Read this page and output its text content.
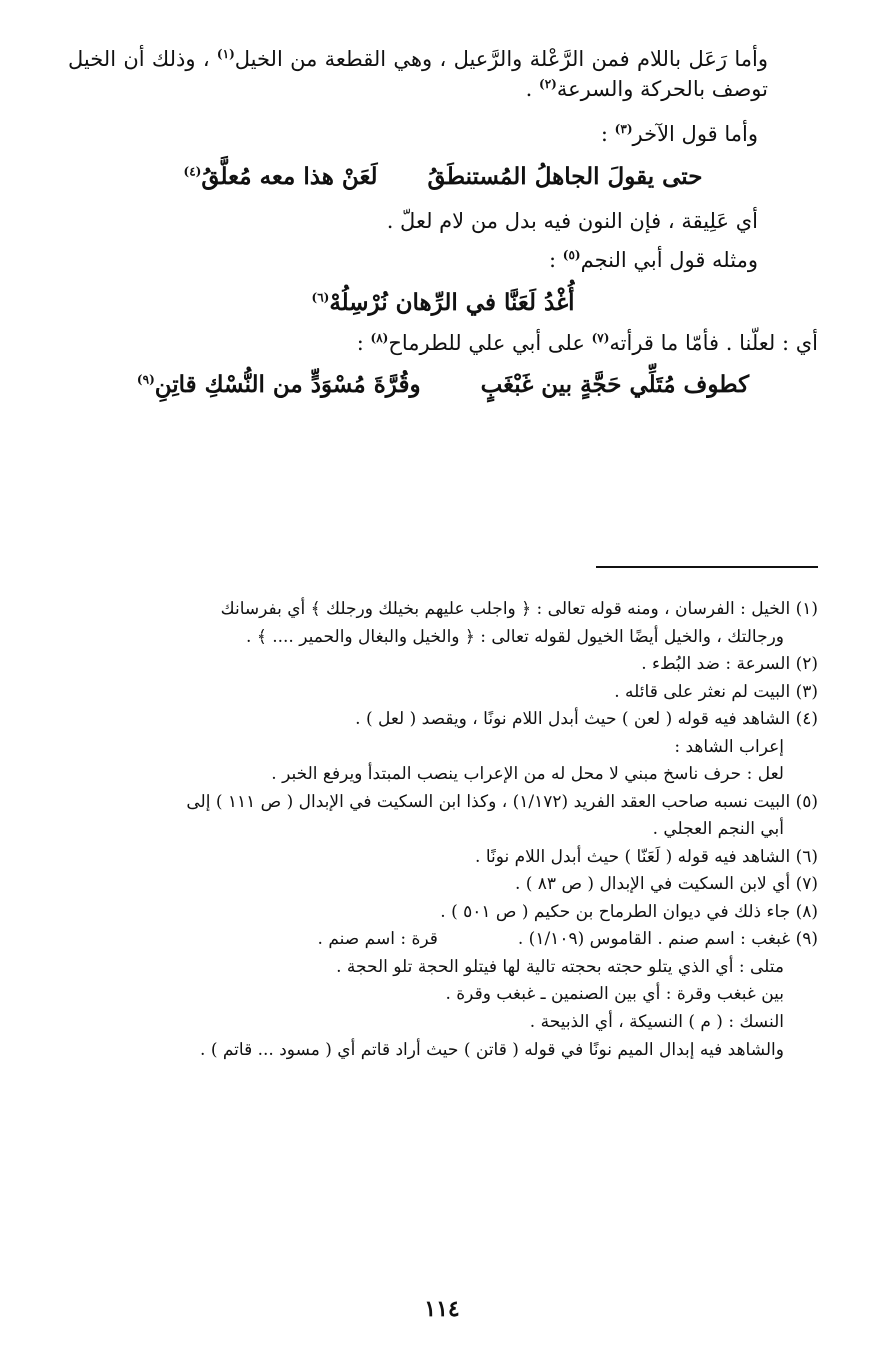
وأما رَعَل باللام فمن الرَّعْلة والرَّعيل ، وهي القطعة من الخيل$^{(١)}$ ، وذلك أن الخيل توصف بالحركة والسرعة$^{(٢)}$ .

وأما قول الآخر$^{(٣)}$ :

حتى يقولَ الجاهلُ المُستنطَقُ
لَعَنْ هذا معه مُعلَّقُ$^{(٤)}$

أي عَلِيقة ، فإن النون فيه بدل من لام لعلّ .

ومثله قول أبي النجم$^{(٥)}$ :

أُغْدُ لَعَنَّا في الرِّهان نُرْسِلُهْ$^{(٦)}$

أي : لعلّنا . فأمّا ما قرأته$^{(٧)}$ على أبي علي للطرماح$^{(٨)}$ :

كطوف مُتَلِّي حَجَّةٍ بين غَبْغَبٍ
وقُرَّةَ مُسْوَدٍّ من النُّسْكِ قاتِنِ$^{(٩)}$

(١) الخيل : الفرسان ، ومنه قوله تعالى : ﴿ واجلب عليهم بخيلك ورجلك ﴾ أي بفرسانك

ورجالتك ، والخيل أيضًا الخيول لقوله تعالى : ﴿ والخيل والبغال والحمير .... ﴾ .

(٢) السرعة : ضد البُطء .

(٣) البيت لم نعثر على قائله .

(٤) الشاهد فيه قوله ( لعن ) حيث أبدل اللام نونًا ، ويقصد ( لعل ) .

إعراب الشاهد :

لعل : حرف ناسخ مبني لا محل له من الإعراب ينصب المبتدأ ويرفع الخبر .

(٥) البيت نسبه صاحب العقد الفريد (١/١٧٢) ، وكذا ابن السكيت في الإبدال ( ص ١١١ ) إلى

أبي النجم العجلي .

(٦) الشاهد فيه قوله ( لَعَنّا ) حيث أبدل اللام نونًا .

(٧) أي لابن السكيت في الإبدال ( ص ٨٣ ) .

(٨) جاء ذلك في ديوان الطرماح بن حكيم ( ص ٥٠١ ) .

(٩) غبغب : اسم صنم . القاموس (١/١٠٩) .
قرة : اسم صنم .

متلى : أي الذي يتلو حجته بحجته تالية لها فيتلو الحجة تلو الحجة .

بين غبغب وقرة : أي بين الصنمين ـ غبغب وقرة .

النسك : ( م ) النسيكة ، أي الذبيحة .

والشاهد فيه إبدال الميم نونًا في قوله ( قاتن ) حيث أراد قاتم أي ( مسود ... قاتم ) .

١١٤
